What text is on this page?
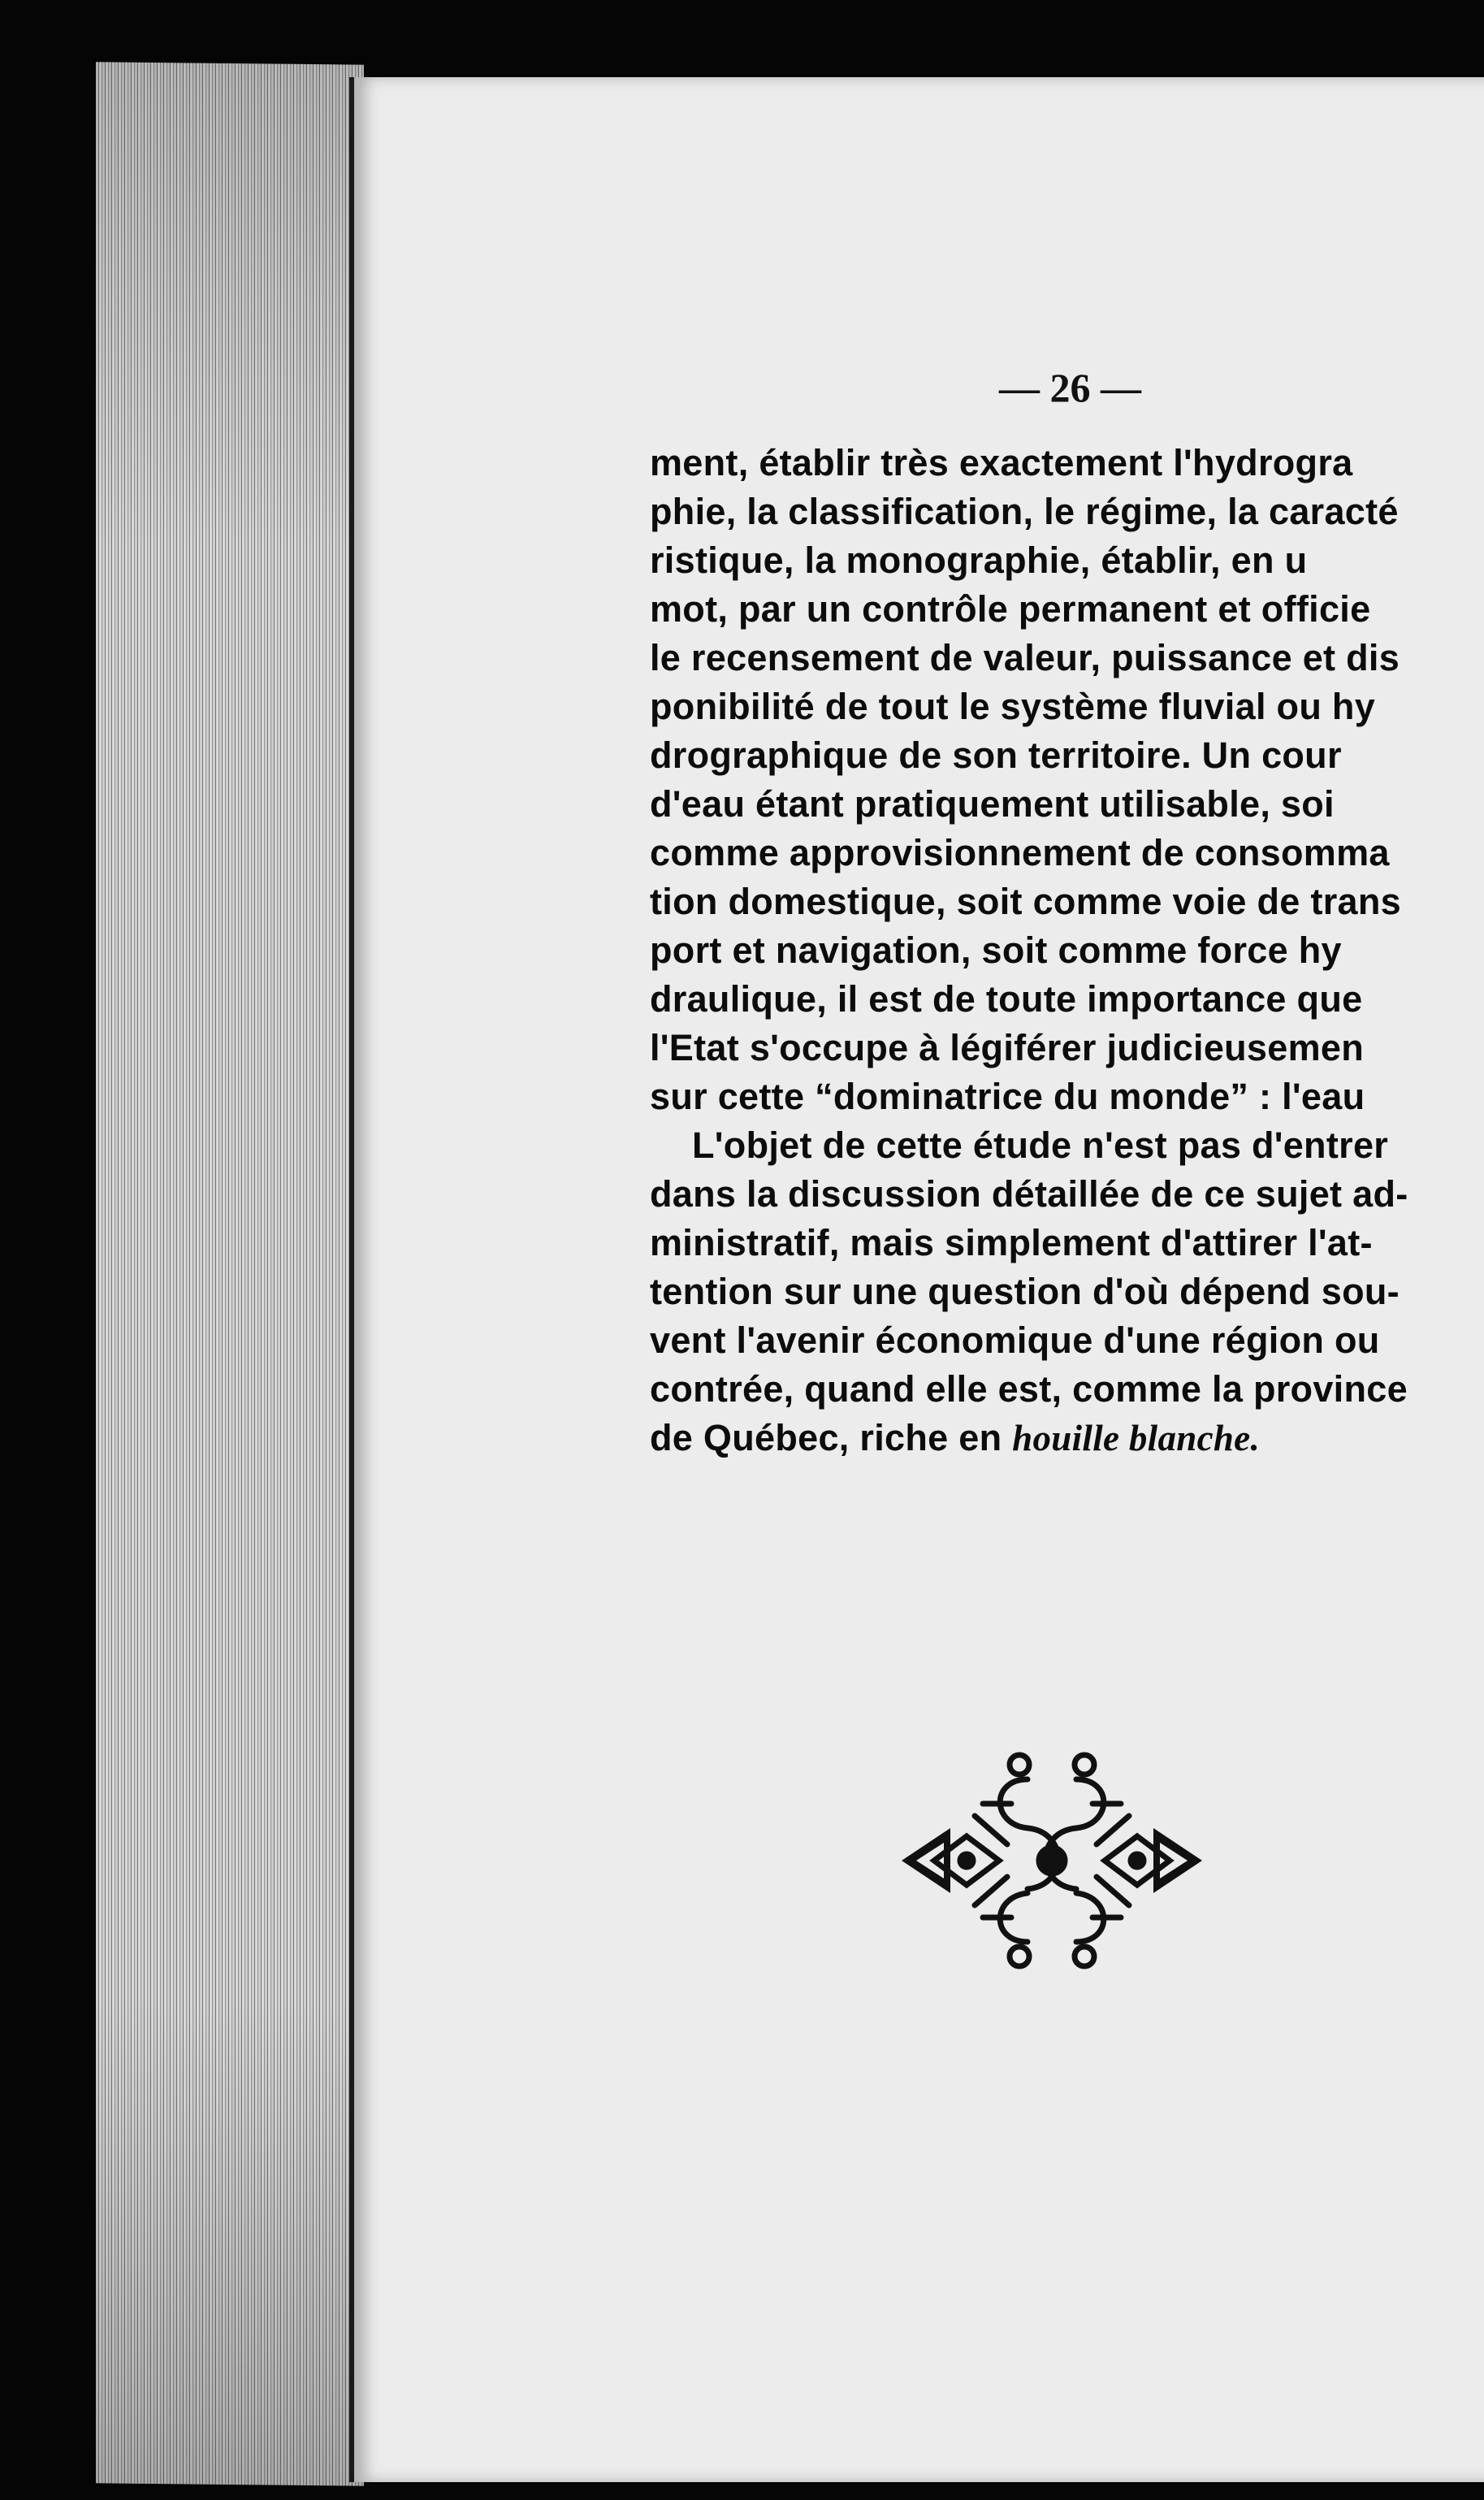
— 26 —
ment, établir très exactement l'hydrogra
phie, la classification, le régime, la caracté
ristique, la monographie, établir, en u
mot, par un contrôle permanent et officie
le recensement de valeur, puissance et dis
ponibilité de tout le système fluvial ou hy
drographique de son territoire. Un cour
d'eau étant pratiquement utilisable, soi
comme approvisionnement de consomma
tion domestique, soit comme voie de trans
port et navigation, soit comme force hy
draulique, il est de toute importance que
l'Etat s'occupe à légiférer judicieusemen
sur cette “dominatrice du monde” : l'eau
L'objet de cette étude n'est pas d'entrer
dans la discussion détaillée de ce sujet ad-
ministratif, mais simplement d'attirer l'at-
tention sur une question d'où dépend sou-
vent l'avenir économique d'une région ou
contrée, quand elle est, comme la province
de Québec, riche en houille blanche.
